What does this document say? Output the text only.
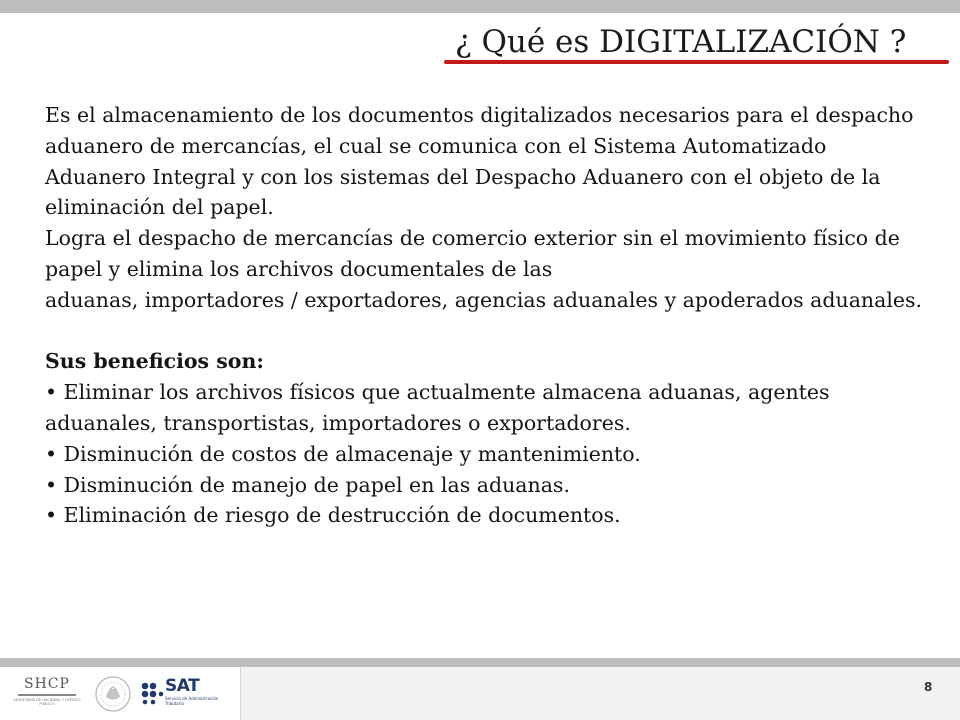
¿ Qué es DIGITALIZACIÓN ?

Es el almacenamiento de los documentos digitalizados necesarios para el despacho aduanero de mercancías, el cual se comunica con el Sistema Automatizado Aduanero Integral y con los sistemas del Despacho Aduanero con el objeto de la eliminación del papel.

Logra el despacho de mercancías de comercio exterior sin el movimiento físico de papel y elimina los archivos documentales de las

aduanas, importadores / exportadores, agencias aduanales y apoderados aduanales.

Sus beneficios son:

• Eliminar los archivos físicos que actualmente almacena aduanas, agentes aduanales, transportistas, importadores o exportadores.

• Disminución de costos de almacenaje y mantenimiento.

• Disminución de manejo de papel en las aduanas.

• Eliminación de riesgo de destrucción de documentos.

SHCP
SECRETARÍA DE HACIENDA Y CRÉDITO PÚBLICO
SAT
Servicio de Administración Tributaria
8
